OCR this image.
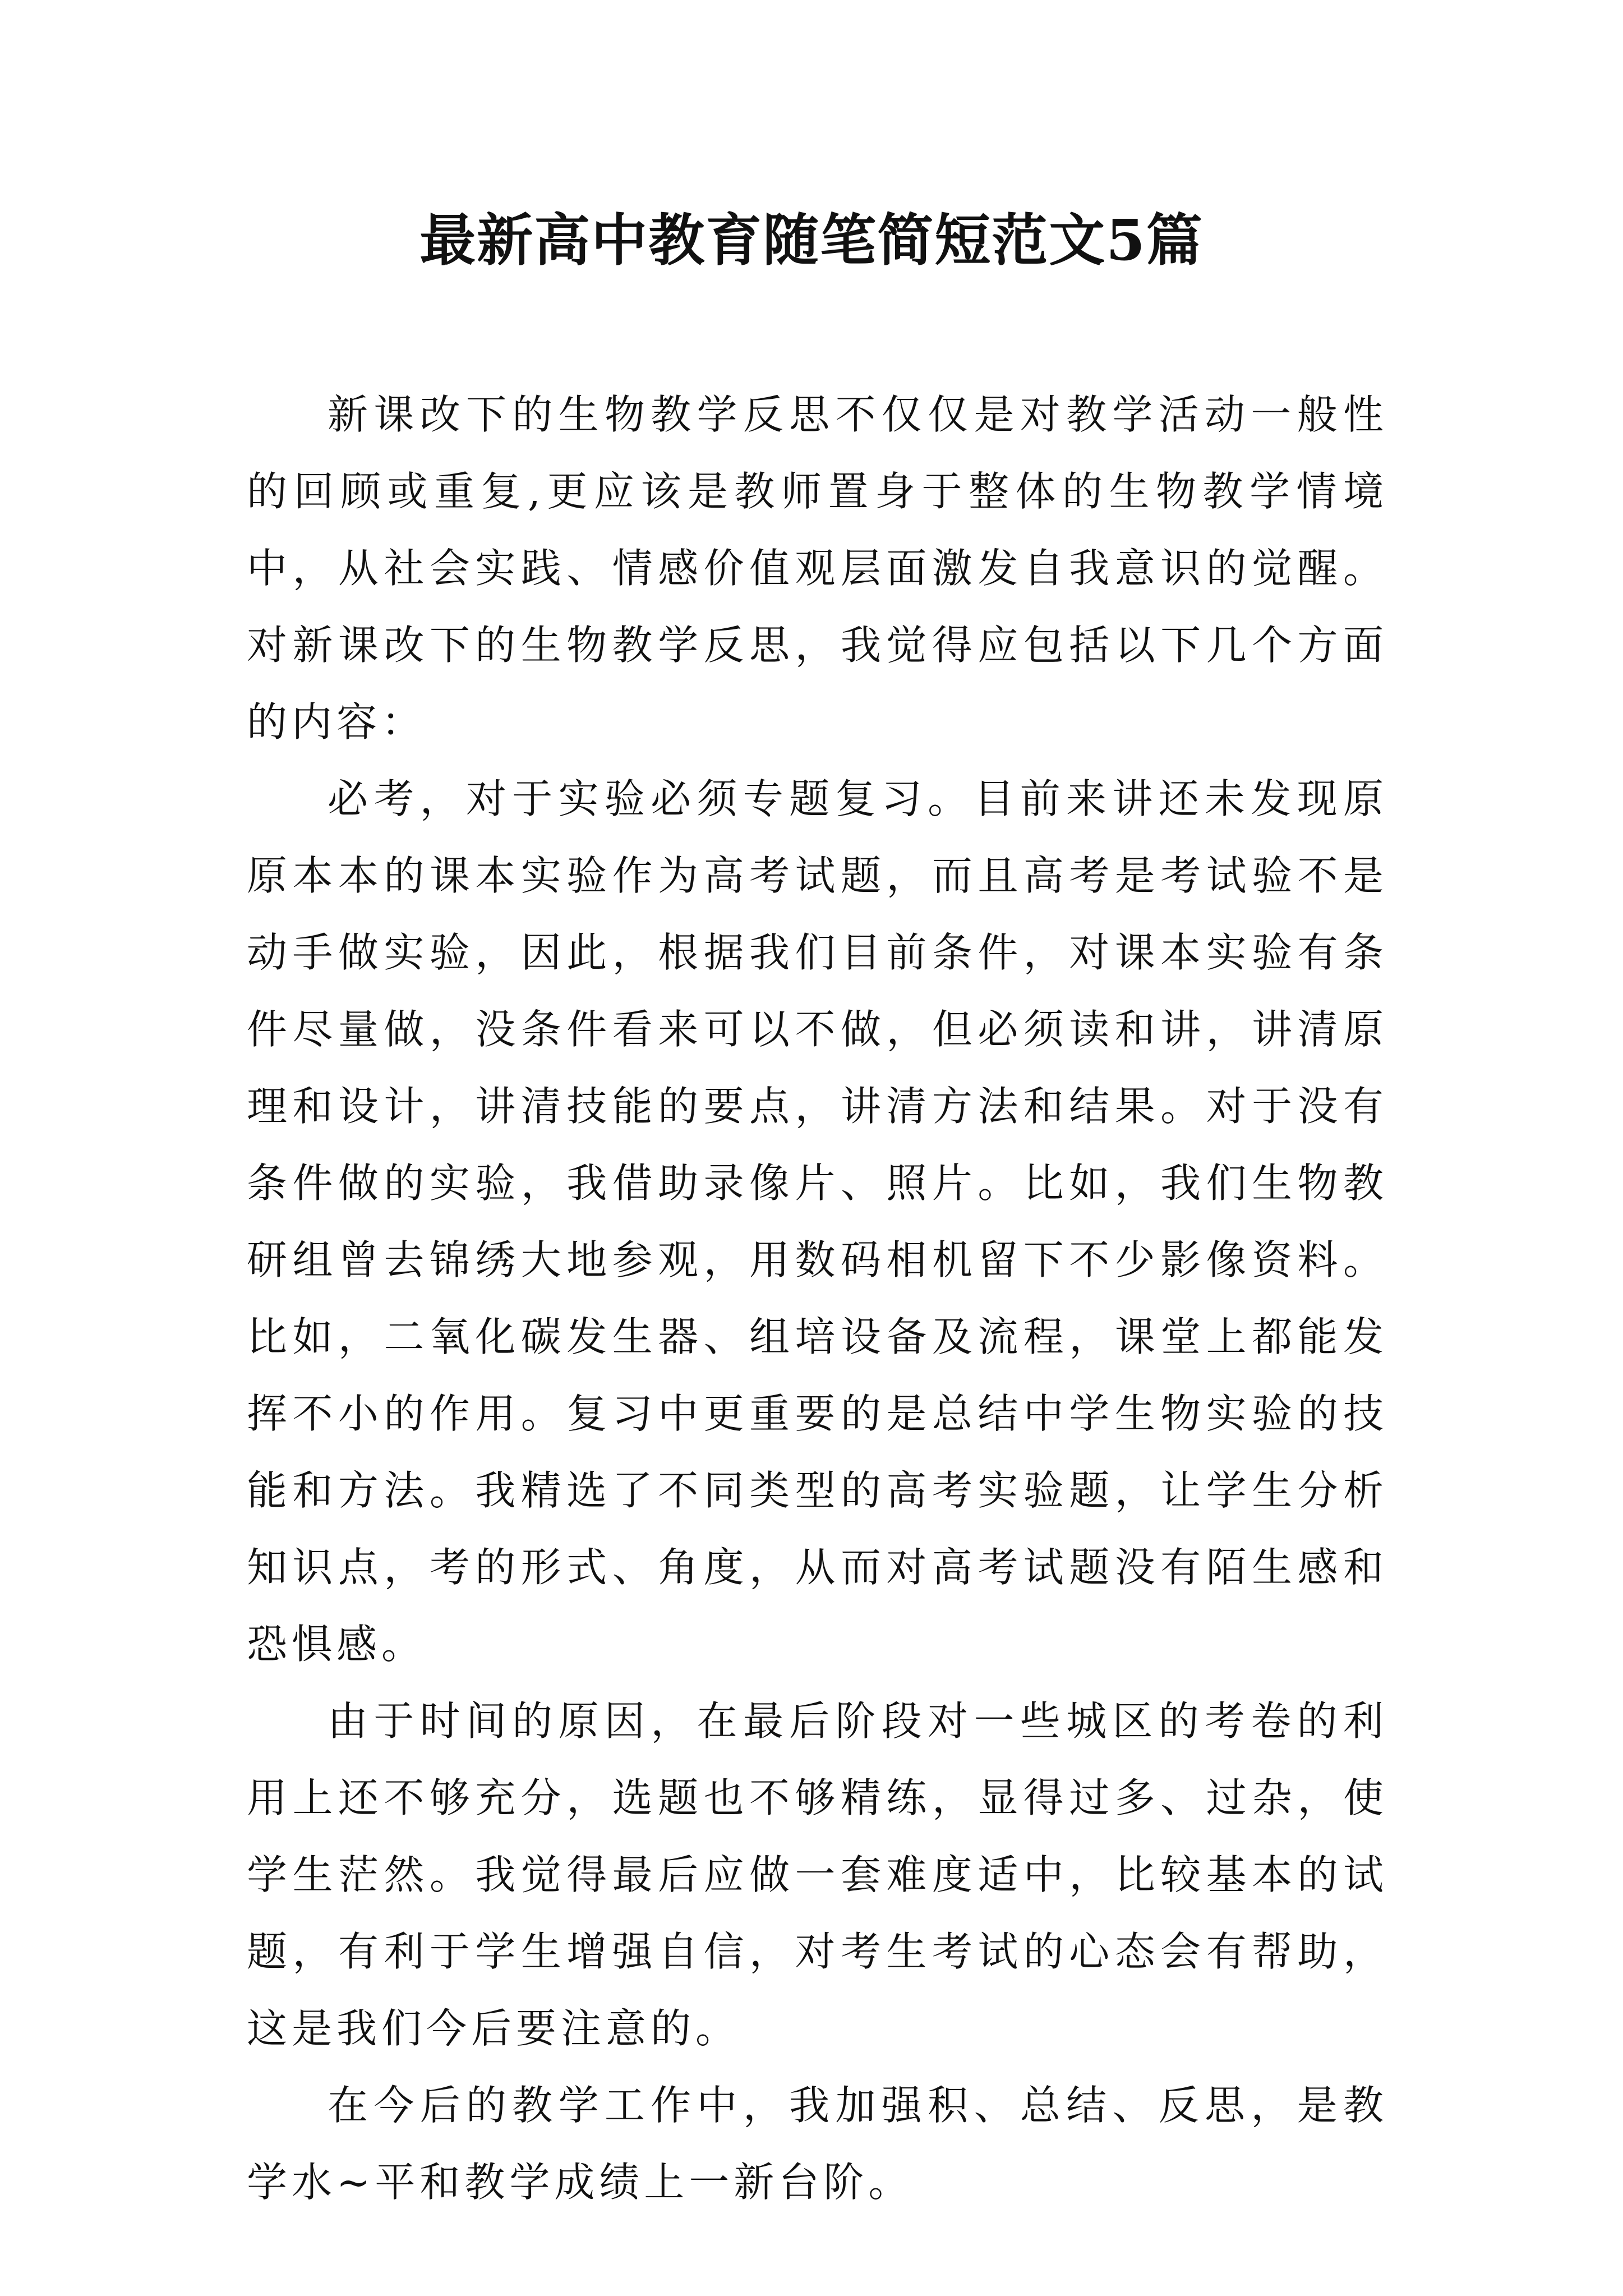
最新高中教育随笔简短范文5篇

新课改下的生物教学反思不仅仅是对教学活动一般性的回顾或重复,更应该是教师置身于整体的生物教学情境中，从社会实践、情感价值观层面激发自我意识的觉醒。对新课改下的生物教学反思，我觉得应包括以下几个方面的内容：

必考，对于实验必须专题复习。目前来讲还未发现原原本本的课本实验作为高考试题，而且高考是考试验不是动手做实验，因此，根据我们目前条件，对课本实验有条件尽量做，没条件看来可以不做，但必须读和讲，讲清原理和设计，讲清技能的要点，讲清方法和结果。对于没有条件做的实验，我借助录像片、照片。比如，我们生物教研组曾去锦绣大地参观，用数码相机留下不少影像资料。比如，二氧化碳发生器、组培设备及流程，课堂上都能发挥不小的作用。复习中更重要的是总结中学生物实验的技能和方法。我精选了不同类型的高考实验题，让学生分析知识点，考的形式、角度，从而对高考试题没有陌生感和恐惧感。

由于时间的原因，在最后阶段对一些城区的考卷的利用上还不够充分，选题也不够精练，显得过多、过杂，使学生茫然。我觉得最后应做一套难度适中，比较基本的试题，有利于学生增强自信，对考生考试的心态会有帮助，这是我们今后要注意的。

在今后的教学工作中，我加强积、总结、反思，是教学水~平和教学成绩上一新台阶。
